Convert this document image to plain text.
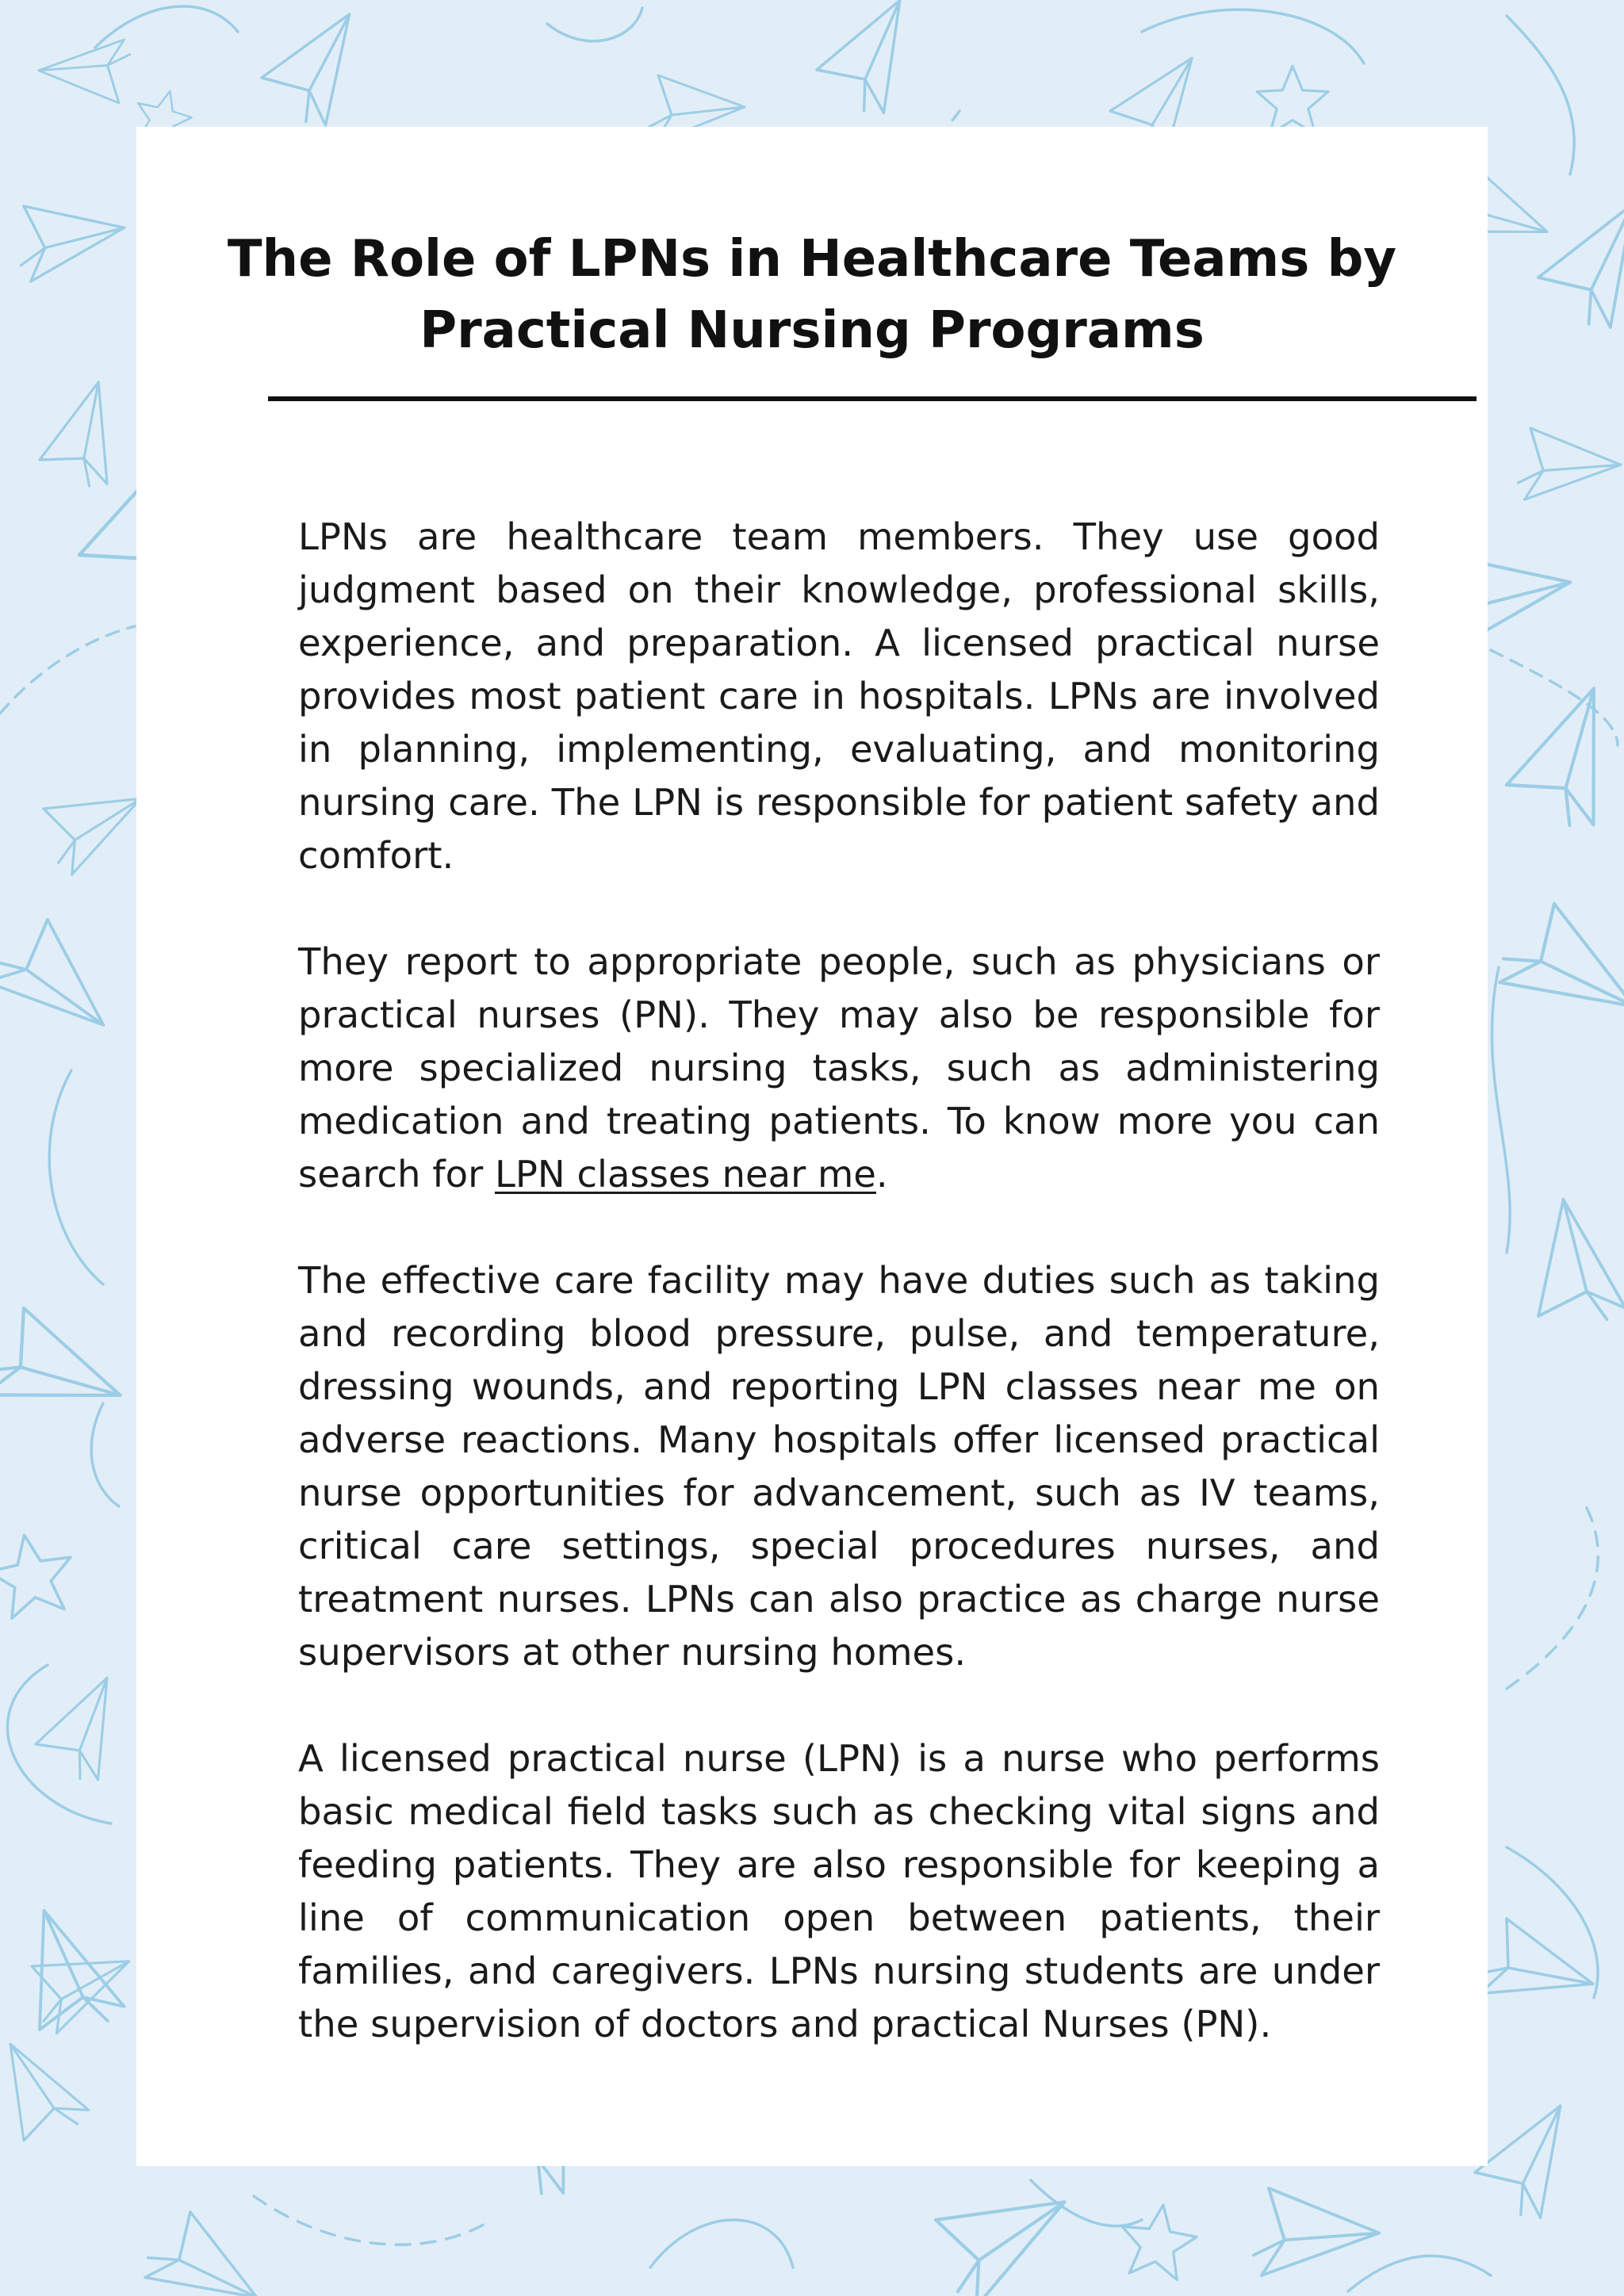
The Role of LPNs in Healthcare Teams by Practical Nursing Programs

LPNs are healthcare team members. They use good judgment based on their knowledge, professional skills, experience, and preparation. A licensed practical nurse provides most patient care in hospitals. LPNs are involved in planning, implementing, evaluating, and monitoring nursing care. The LPN is responsible for patient safety and comfort.

They report to appropriate people, such as physicians or practical nurses (PN). They may also be responsible for more specialized nursing tasks, such as administering medication and treating patients. To know more you can search for LPN classes near me.

The effective care facility may have duties such as taking and recording blood pressure, pulse, and temperature, dressing wounds, and reporting LPN classes near me on adverse reactions. Many hospitals offer licensed practical nurse opportunities for advancement, such as IV teams, critical care settings, special procedures nurses, and treatment nurses. LPNs can also practice as charge nurse supervisors at other nursing homes.

A licensed practical nurse (LPN) is a nurse who performs basic medical field tasks such as checking vital signs and feeding patients. They are also responsible for keeping a line of communication open between patients, their families, and caregivers. LPNs nursing students are under the supervision of doctors and practical Nurses (PN).
